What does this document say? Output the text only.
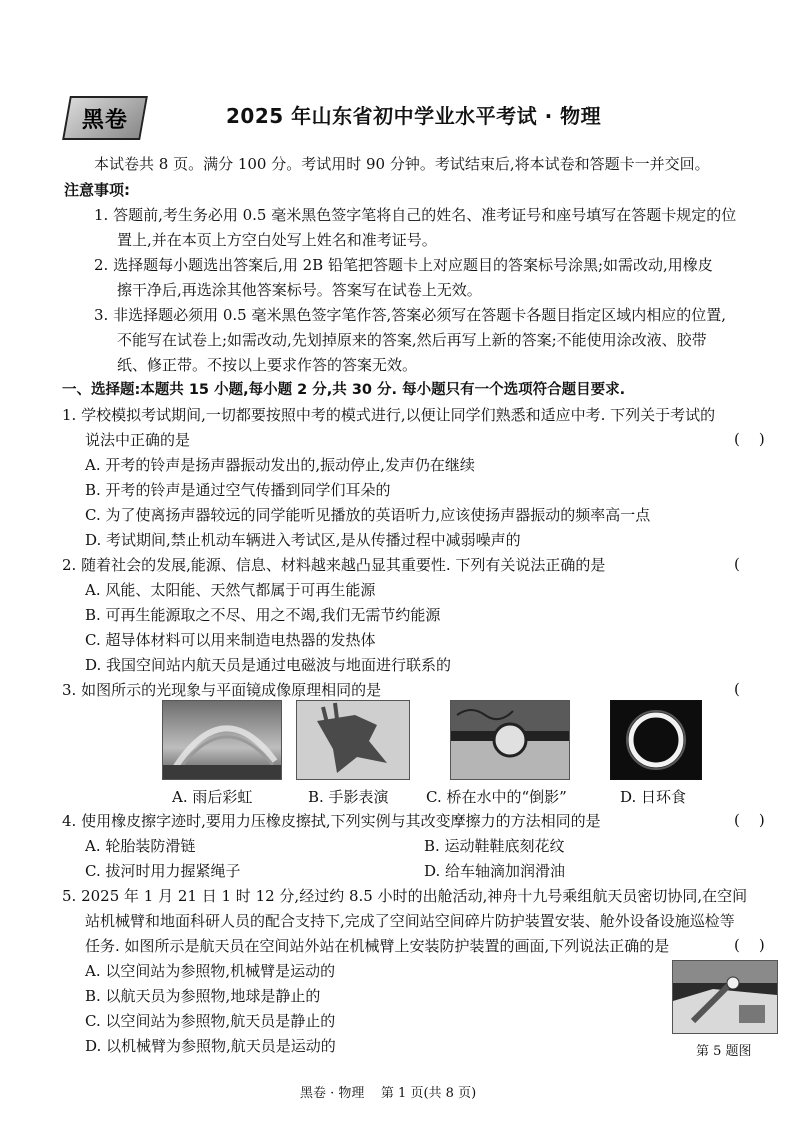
黑卷	2025 年山东省初中学业水平考试 · 物理
本试卷共 8 页。满分 100 分。考试用时 90 分钟。考试结束后,将本试卷和答题卡一并交回。
注意事项:
1. 答题前,考生务必用 0.5 毫米黑色签字笔将自己的姓名、准考证号和座号填写在答题卡规定的位
置上,并在本页上方空白处写上姓名和准考证号。
2. 选择题每小题选出答案后,用 2B 铅笔把答题卡上对应题目的答案标号涂黑;如需改动,用橡皮
擦干净后,再选涂其他答案标号。答案写在试卷上无效。
3. 非选择题必须用 0.5 毫米黑色签字笔作答,答案必须写在答题卡各题目指定区域内相应的位置,
不能写在试卷上;如需改动,先划掉原来的答案,然后再写上新的答案;不能使用涂改液、胶带
纸、修正带。不按以上要求作答的答案无效。
一、选择题:本题共 15 小题,每小题 2 分,共 30 分. 每小题只有一个选项符合题目要求.
1. 学校模拟考试期间,一切都要按照中考的模式进行,以便让同学们熟悉和适应中考. 下列关于考试的
说法中正确的是	(    )
A. 开考的铃声是扬声器振动发出的,振动停止,发声仍在继续
B. 开考的铃声是通过空气传播到同学们耳朵的
C. 为了使离扬声器较远的同学能听见播放的英语听力,应该使扬声器振动的频率高一点
D. 考试期间,禁止机动车辆进入考试区,是从传播过程中减弱噪声的
2. 随着社会的发展,能源、信息、材料越来越凸显其重要性. 下列有关说法正确的是	(
A. 风能、太阳能、天然气都属于可再生能源
B. 可再生能源取之不尽、用之不竭,我们无需节约能源
C. 超导体材料可以用来制造电热器的发热体
D. 我国空间站内航天员是通过电磁波与地面进行联系的
3. 如图所示的光现象与平面镜成像原理相同的是	(
A. 雨后彩虹	B. 手影表演 C. 桥在水中的“倒影”	D. 日环食
4. 使用橡皮擦字迹时,要用力压橡皮擦拭,下列实例与其改变摩擦力的方法相同的是	(    )
A. 轮胎装防滑链	B. 运动鞋鞋底刻花纹
C. 拔河时用力握紧绳子	D. 给车轴滴加润滑油
5. 2025 年 1 月 21 日 1 时 12 分,经过约 8.5 小时的出舱活动,神舟十九号乘组航天员密切协同,在空间
站机械臂和地面科研人员的配合支持下,完成了空间站空间碎片防护装置安装、舱外设备设施巡检等
任务. 如图所示是航天员在空间站外站在机械臂上安装防护装置的画面,下列说法正确的是	(    )
A. 以空间站为参照物,机械臂是运动的
B. 以航天员为参照物,地球是静止的
C. 以空间站为参照物,航天员是静止的
D. 以机械臂为参照物,航天员是运动的	第 5 题图
黑卷 · 物理    第 1 页(共 8 页)
